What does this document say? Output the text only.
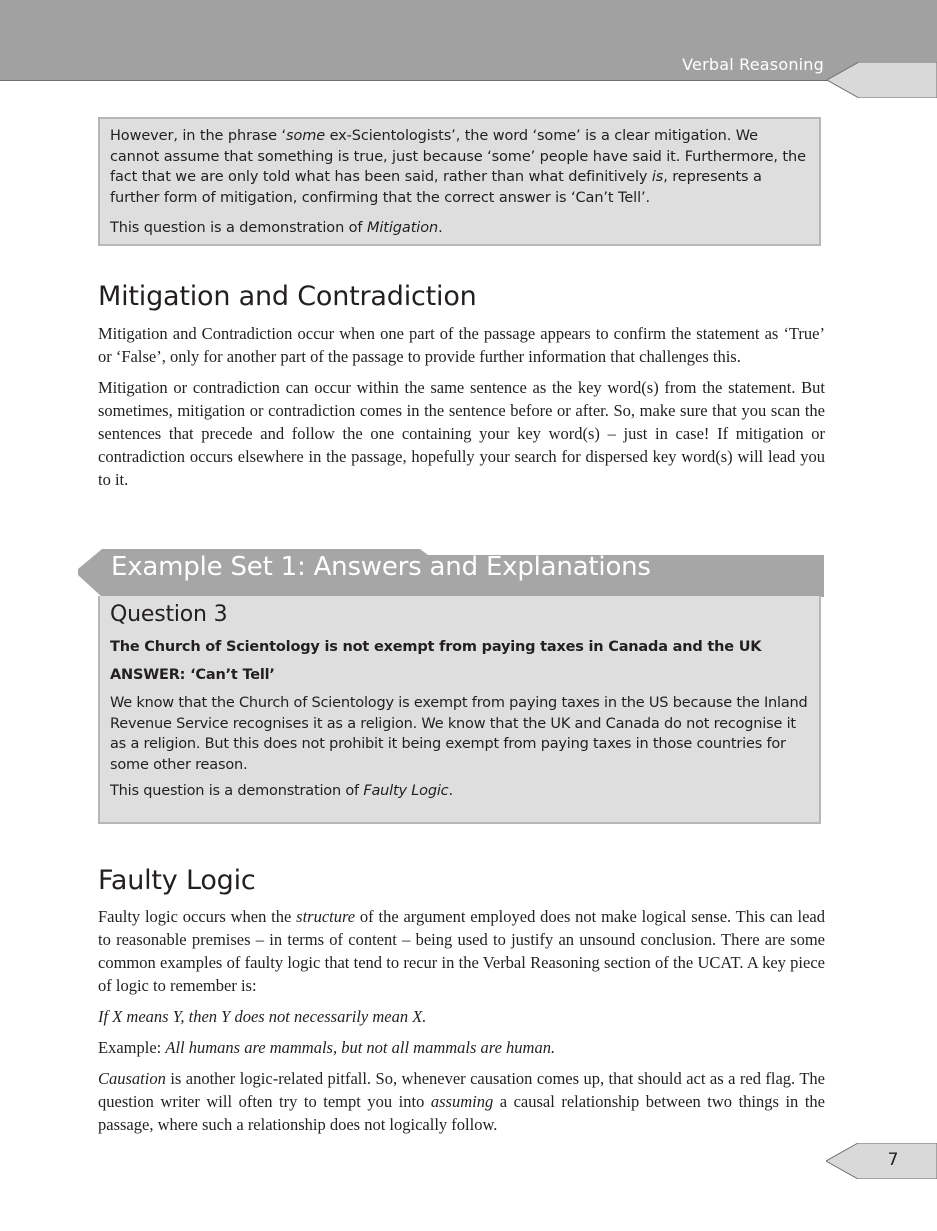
Verbal Reasoning

However, in the phrase ‘some ex-Scientologists’, the word ‘some’ is a clear mitigation. We cannot assume that something is true, just because ‘some’ people have said it. Furthermore, the fact that we are only told what has been said, rather than what definitively is, represents a further form of mitigation, confirming that the correct answer is ‘Can’t Tell’.

This question is a demonstration of Mitigation.

Mitigation and Contradiction

Mitigation and Contradiction occur when one part of the passage appears to confirm the statement as ‘True’ or ‘False’, only for another part of the passage to provide further information that challenges this.

Mitigation or contradiction can occur within the same sentence as the key word(s) from the statement. But sometimes, mitigation or contradiction comes in the sentence before or after. So, make sure that you scan the sentences that precede and follow the one containing your key word(s) – just in case! If mitigation or contradiction occurs elsewhere in the passage, hopefully your search for dispersed key word(s) will lead you to it.

Example Set 1: Answers and Explanations
Question 3

The Church of Scientology is not exempt from paying taxes in Canada and the UK

ANSWER: ‘Can’t Tell’

We know that the Church of Scientology is exempt from paying taxes in the US because the Inland Revenue Service recognises it as a religion. We know that the UK and Canada do not recognise it as a religion. But this does not prohibit it being exempt from paying taxes in those countries for some other reason.

This question is a demonstration of Faulty Logic.

Faulty Logic

Faulty logic occurs when the structure of the argument employed does not make logical sense. This can lead to reasonable premises – in terms of content – being used to justify an unsound conclusion. There are some common examples of faulty logic that tend to recur in the Verbal Reasoning section of the UCAT. A key piece of logic to remember is:

If X means Y, then Y does not necessarily mean X.

Example: All humans are mammals, but not all mammals are human.

Causation is another logic-related pitfall. So, whenever causation comes up, that should act as a red flag. The question writer will often try to tempt you into assuming a causal relationship between two things in the passage, where such a relationship does not logically follow.

7
